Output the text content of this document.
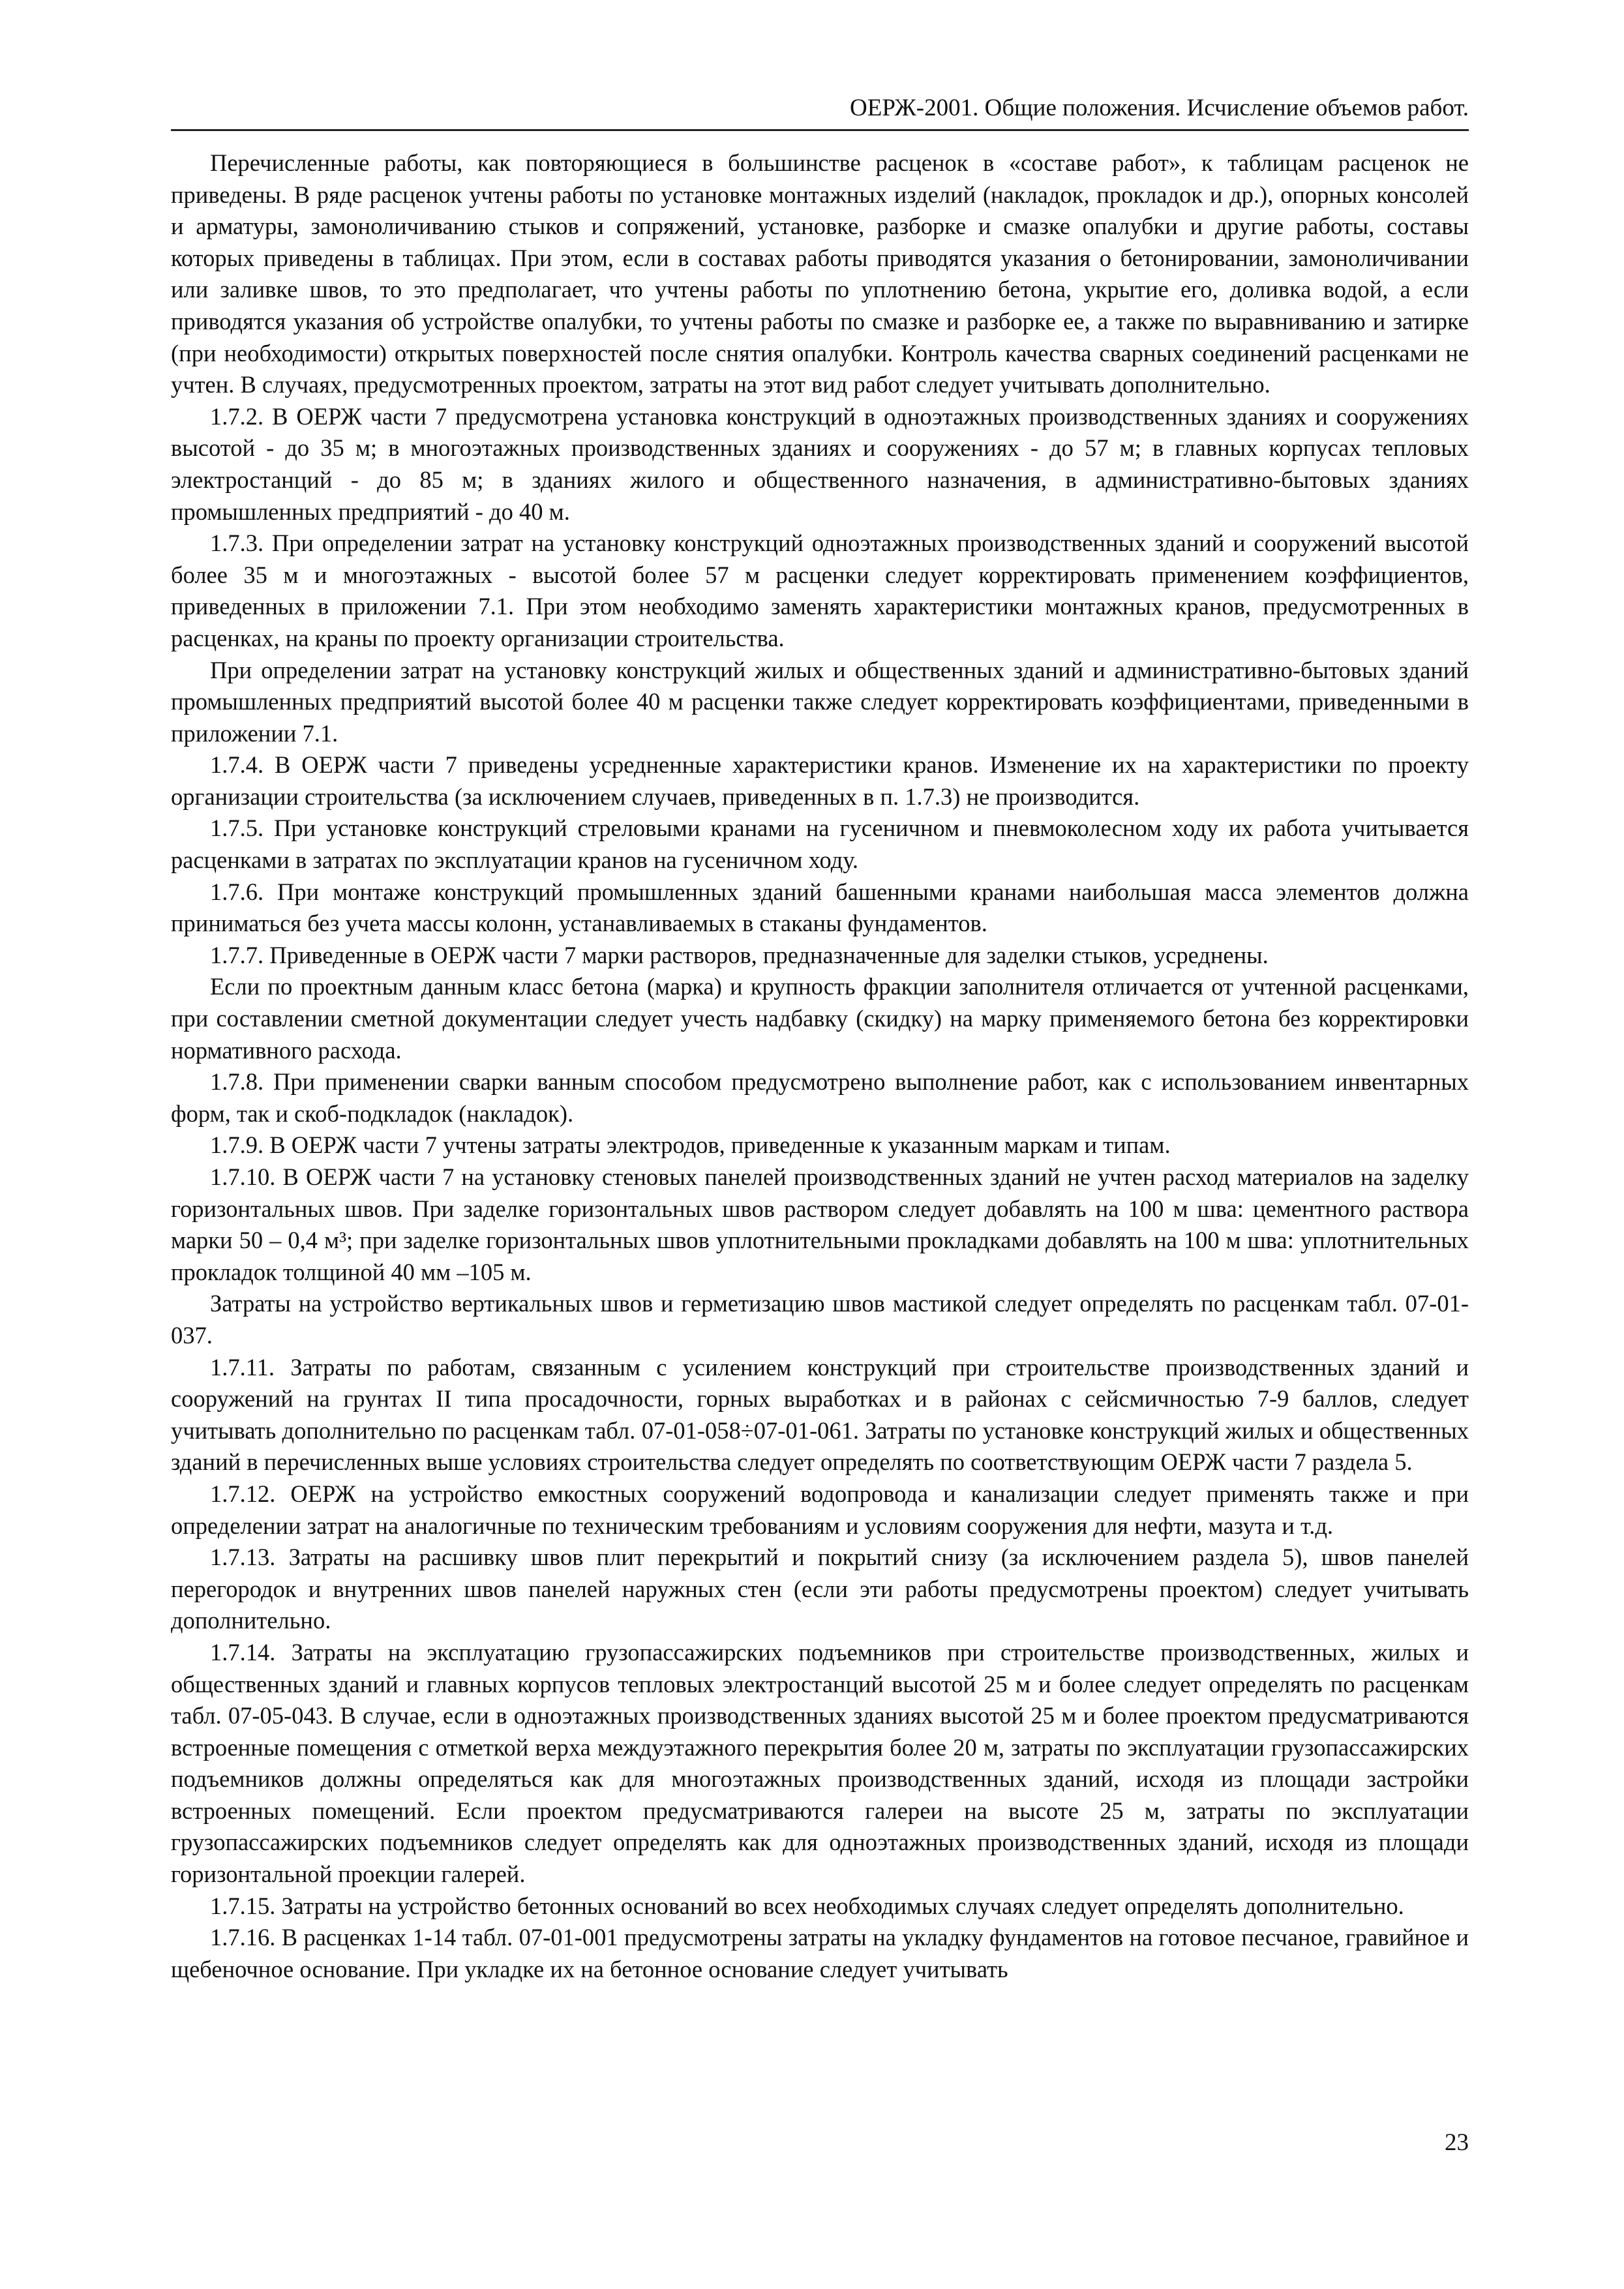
ОЕРЖ-2001. Общие положения. Исчисление объемов работ.

Перечисленные работы, как повторяющиеся в большинстве расценок в «составе работ», к таблицам расценок не приведены. В ряде расценок учтены работы по установке монтажных изделий (накладок, прокладок и др.), опорных консолей и арматуры, замоноличиванию стыков и сопряжений, установке, разборке и смазке опалубки и другие работы, составы которых приведены в таблицах. При этом, если в составах работы приводятся указания о бетонировании, замоноличивании или заливке швов, то это предполагает, что учтены работы по уплотнению бетона, укрытие его, доливка водой, а если приводятся указания об устройстве опалубки, то учтены работы по смазке и разборке ее, а также по выравниванию и затирке (при необходимости) открытых поверхностей после снятия опалубки. Контроль качества сварных соединений расценками не учтен. В случаях, предусмотренных проектом, затраты на этот вид работ следует учитывать дополнительно.

1.7.2. В ОЕРЖ части 7 предусмотрена установка конструкций в одноэтажных производственных зданиях и сооружениях высотой - до 35 м; в многоэтажных производственных зданиях и сооружениях - до 57 м; в главных корпусах тепловых электростанций - до 85 м; в зданиях жилого и общественного назначения, в административно-бытовых зданиях промышленных предприятий - до 40 м.

1.7.3. При определении затрат на установку конструкций одноэтажных производственных зданий и сооружений высотой более 35 м и многоэтажных - высотой более 57 м расценки следует корректировать применением коэффициентов, приведенных в приложении 7.1. При этом необходимо заменять характеристики монтажных кранов, предусмотренных в расценках, на краны по проекту организации строительства.

При определении затрат на установку конструкций жилых и общественных зданий и административно-бытовых зданий промышленных предприятий высотой более 40 м расценки также следует корректировать коэффициентами, приведенными в приложении 7.1.

1.7.4. В ОЕРЖ части 7 приведены усредненные характеристики кранов. Изменение их на характеристики по проекту организации строительства (за исключением случаев, приведенных в п. 1.7.3) не производится.

1.7.5. При установке конструкций стреловыми кранами на гусеничном и пневмоколесном ходу их работа учитывается расценками в затратах по эксплуатации кранов на гусеничном ходу.

1.7.6. При монтаже конструкций промышленных зданий башенными кранами наибольшая масса элементов должна приниматься без учета массы колонн, устанавливаемых в стаканы фундаментов.

1.7.7. Приведенные в ОЕРЖ части 7 марки растворов, предназначенные для заделки стыков, усреднены.

Если по проектным данным класс бетона (марка) и крупность фракции заполнителя отличается от учтенной расценками, при составлении сметной документации следует учесть надбавку (скидку) на марку применяемого бетона без корректировки нормативного расхода.

1.7.8. При применении сварки ванным способом предусмотрено выполнение работ, как с использованием инвентарных форм, так и скоб-подкладок (накладок).

1.7.9. В ОЕРЖ части 7 учтены затраты электродов, приведенные к указанным маркам и типам.

1.7.10. В ОЕРЖ части 7 на установку стеновых панелей производственных зданий не учтен расход материалов на заделку горизонтальных швов. При заделке горизонтальных швов раствором следует добавлять на 100 м шва: цементного раствора марки 50 – 0,4 м³; при заделке горизонтальных швов уплотнительными прокладками добавлять на 100 м шва: уплотнительных прокладок толщиной 40 мм –105 м.

Затраты на устройство вертикальных швов и герметизацию швов мастикой следует определять по расценкам табл. 07-01-037.

1.7.11. Затраты по работам, связанным с усилением конструкций при строительстве производственных зданий и сооружений на грунтах II типа просадочности, горных выработках и в районах с сейсмичностью 7-9 баллов, следует учитывать дополнительно по расценкам табл. 07-01-058÷07-01-061. Затраты по установке конструкций жилых и общественных зданий в перечисленных выше условиях строительства следует определять по соответствующим ОЕРЖ части 7 раздела 5.

1.7.12. ОЕРЖ на устройство емкостных сооружений водопровода и канализации следует применять также и при определении затрат на аналогичные по техническим требованиям и условиям сооружения для нефти, мазута и т.д.

1.7.13. Затраты на расшивку швов плит перекрытий и покрытий снизу (за исключением раздела 5), швов панелей перегородок и внутренних швов панелей наружных стен (если эти работы предусмотрены проектом) следует учитывать дополнительно.

1.7.14. Затраты на эксплуатацию грузопассажирских подъемников при строительстве производственных, жилых и общественных зданий и главных корпусов тепловых электростанций высотой 25 м и более следует определять по расценкам табл. 07-05-043. В случае, если в одноэтажных производственных зданиях высотой 25 м и более проектом предусматриваются встроенные помещения с отметкой верха междуэтажного перекрытия более 20 м, затраты по эксплуатации грузопассажирских подъемников должны определяться как для многоэтажных производственных зданий, исходя из площади застройки встроенных помещений. Если проектом предусматриваются галереи на высоте 25 м, затраты по эксплуатации грузопассажирских подъемников следует определять как для одноэтажных производственных зданий, исходя из площади горизонтальной проекции галерей.

1.7.15. Затраты на устройство бетонных оснований во всех необходимых случаях следует определять дополнительно.

1.7.16. В расценках 1-14 табл. 07-01-001 предусмотрены затраты на укладку фундаментов на готовое песчаное, гравийное и щебеночное основание. При укладке их на бетонное основание следует учитывать

23
